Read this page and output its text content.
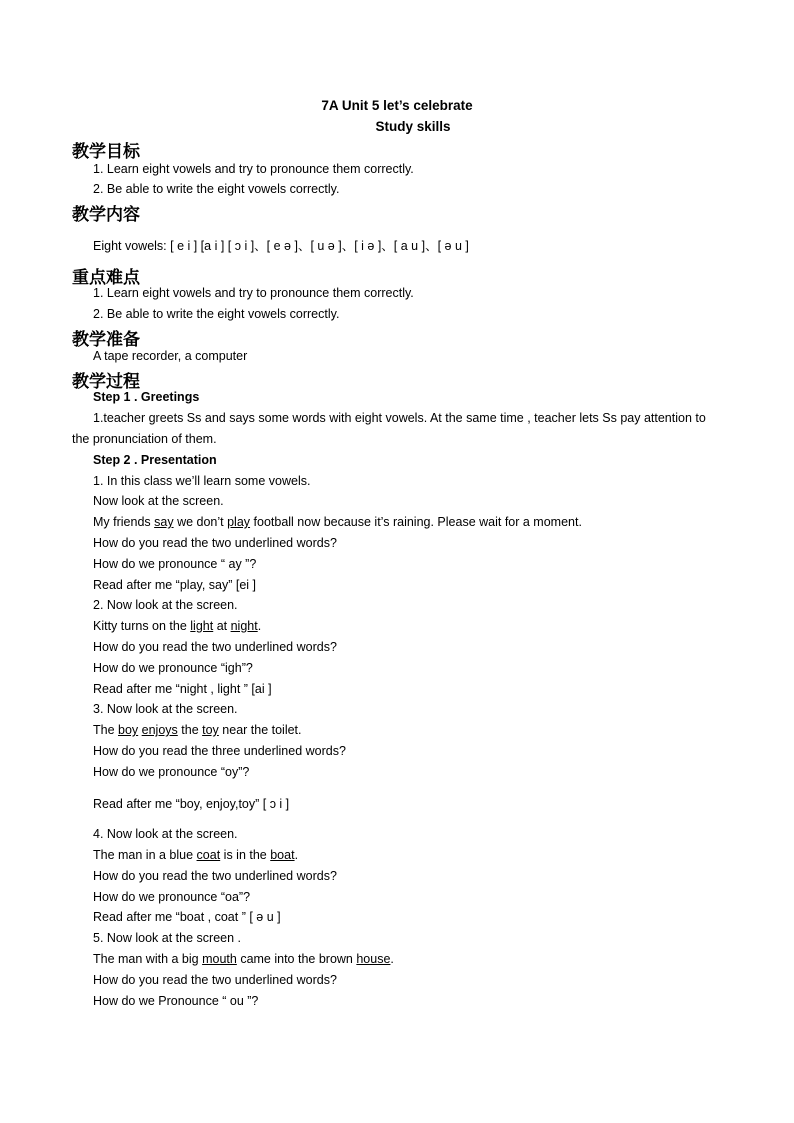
7A Unit 5 let’s celebrate
Study skills
教学目标
1. Learn eight vowels and try to pronounce them correctly.
2. Be able to write the eight vowels correctly.
教学内容
Eight vowels: [ e i ] [a i ] [ ɔ i ]、[ e ə ]、[ u ə ]、[ i ə ]、[ a u ]、[ ə u ]
重点难点
1. Learn eight vowels and try to pronounce them correctly.
2. Be able to write the eight vowels correctly.
教学准备
A tape recorder, a computer
教学过程
Step 1 . Greetings
1.teacher greets Ss and says some words with eight vowels. At the same time , teacher lets Ss pay attention to
the pronunciation of them.
Step 2 . Presentation
1. In this class we’ll learn some vowels.
Now look at the screen.
My friends say we don’t play football now because it’s raining. Please wait for a moment.
How do you read the two underlined words?
How do we pronounce “ ay ”?
Read after me “play, say” [ei ]
2. Now look at the screen.
Kitty turns on the light at night.
How do you read the two underlined words?
How do we pronounce “igh”?
Read after me “night , light ” [ai ]
3. Now look at the screen.
The boy enjoys the toy near the toilet.
How do you read the three underlined words?
How do we pronounce “oy”?
Read after me “boy, enjoy,toy” [ ɔ i ]
4. Now look at the screen.
The man in a blue coat is in the boat.
How do you read the two underlined words?
How do we pronounce “oa”?
Read after me “boat , coat ” [ ə u ]
5. Now look at the screen .
The man with a big mouth came into the brown house.
How do you read the two underlined words?
How do we Pronounce “ ou ”?
